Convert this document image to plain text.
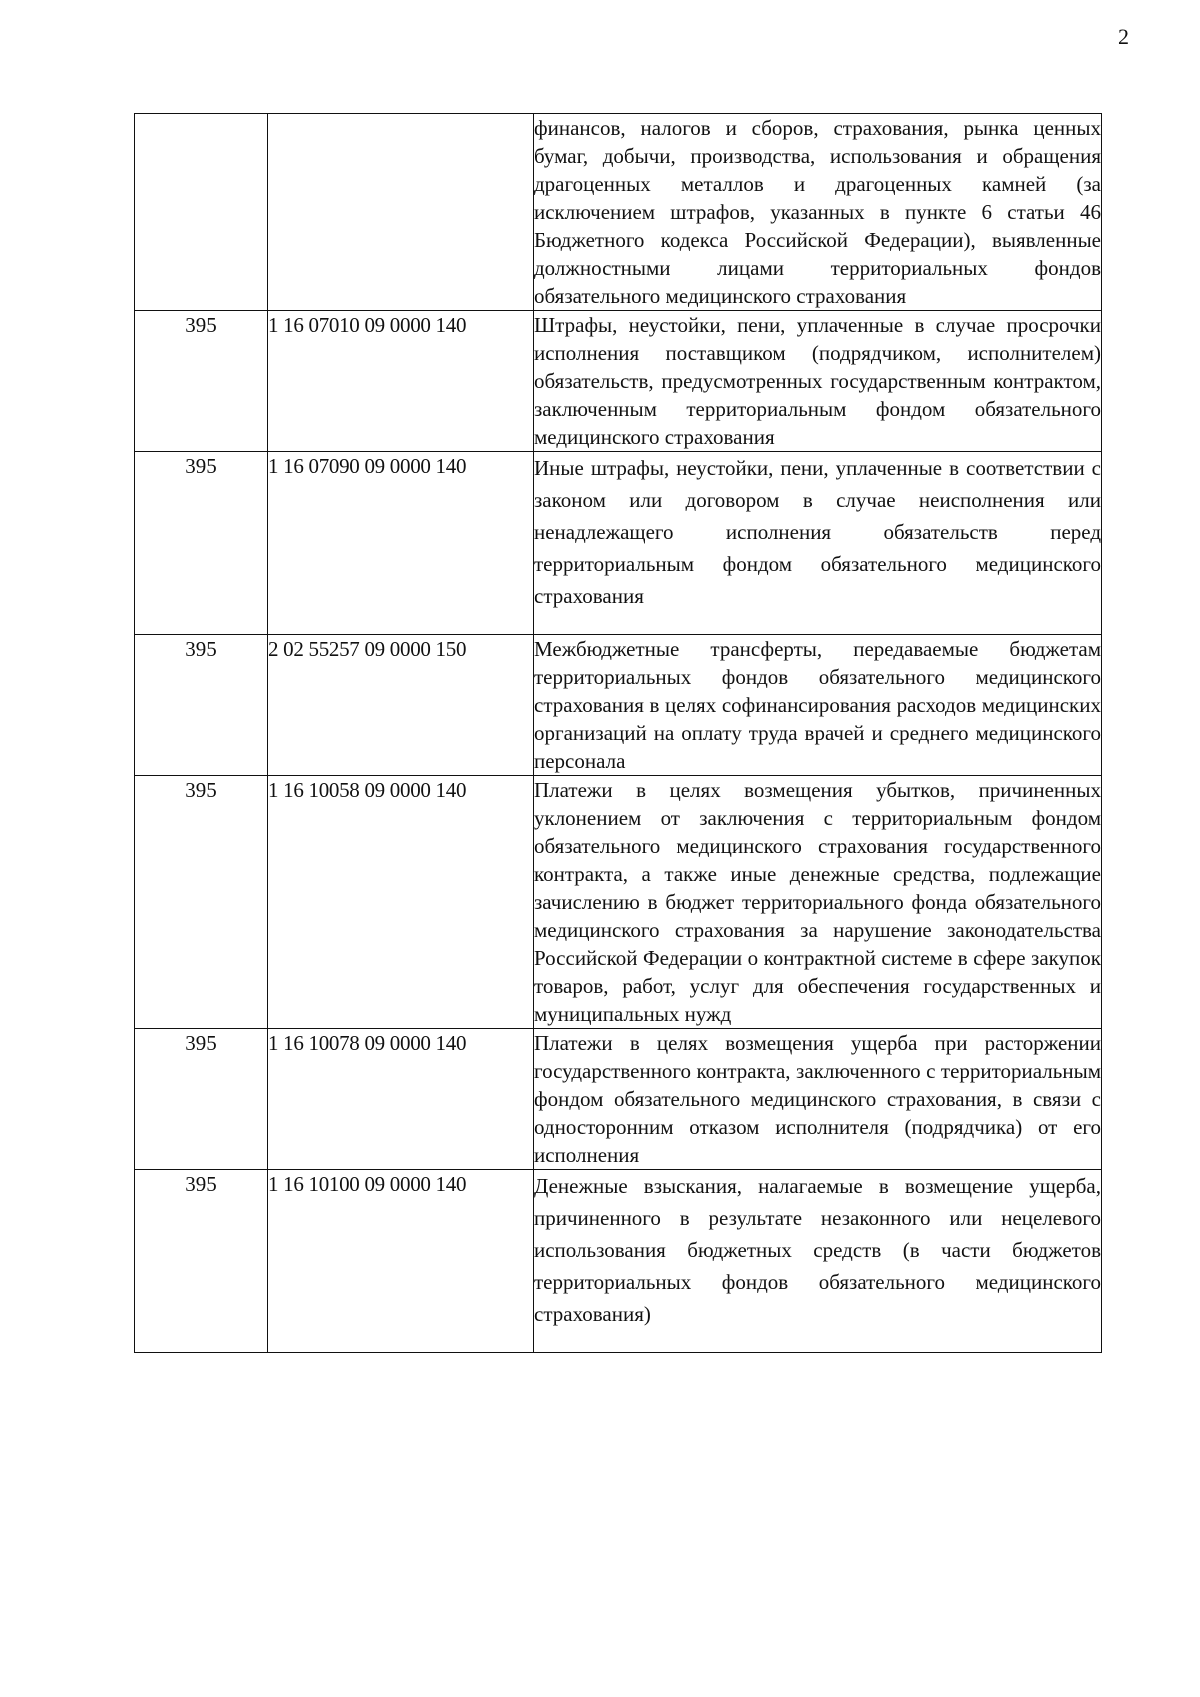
2
		финансов, налогов и сборов, страхования, рынка ценных бумаг, добычи, производства, использования и обращения драгоценных металлов и драгоценных камней (за исключением штрафов, указанных в пункте 6 статьи 46 Бюджетного кодекса Российской Федерации), выявленные должностными лицами территориальных фондов обязательного медицинского страхования
395	1 16 07010 09 0000 140	Штрафы, неустойки, пени, уплаченные в случае просрочки исполнения поставщиком (подрядчиком, исполнителем) обязательств, предусмотренных государственным контрактом, заключенным территориальным фондом обязательного медицинского страхования
395	1 16 07090 09 0000 140	Иные штрафы, неустойки, пени, уплаченные в соответствии с законом или договором в случае неисполнения или ненадлежащего исполнения обязательств перед территориальным фондом обязательного медицинского страхования
395	2 02 55257 09 0000 150	Межбюджетные трансферты, передаваемые бюджетам территориальных фондов обязательного медицинского страхования в целях софинансирования расходов медицинских организаций на оплату труда врачей и среднего медицинского персонала
395	1 16 10058 09 0000 140	Платежи в целях возмещения убытков, причиненных уклонением от заключения с территориальным фондом обязательного медицинского страхования государственного контракта, а также иные денежные средства, подлежащие зачислению в бюджет территориального фонда обязательного медицинского страхования за нарушение законодательства Российской Федерации о контрактной системе в сфере закупок товаров, работ, услуг для обеспечения государственных и муниципальных нужд
395	1 16 10078 09 0000 140	Платежи в целях возмещения ущерба при расторжении государственного контракта, заключенного с территориальным фондом обязательного медицинского страхования, в связи с односторонним отказом исполнителя (подрядчика) от его исполнения
395	1 16 10100 09 0000 140	Денежные взыскания, налагаемые в возмещение ущерба, причиненного в результате незаконного или нецелевого использования бюджетных средств (в части бюджетов территориальных фондов обязательного медицинского страхования)
